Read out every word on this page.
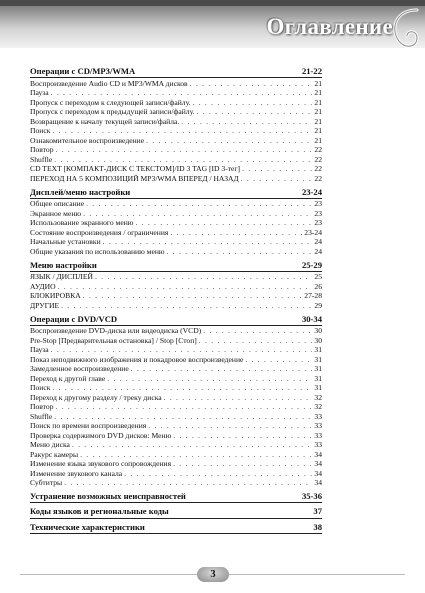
Оглавление
Операции с CD/MP3/WMA	21-22
Воспроизведение Audio CD и MP3/WMA дисков . . .	21
Пауза . . .	21
Пропуск с переходом к следующей записи/файлу. . . .	21
Пропуск с переходом к предыдущей записи/файлу. . . .	21
Возвращение к началу текущей записи/файла. . . .	21
Поиск . . .	21
Ознакомительное воспроизведение . . .	21
Повтор . . .	22
Shuffle . . .	22
CD TEXT [КОМПАКТ-ДИСК С ТЕКСТОМ]/ID 3 TAG [ID 3-тег] . . .	22
ПЕРЕХОД НА 5 КОМПОЗИЦИЙ MP3/WMA ВПЕРЕД / НАЗАД . . .	22
Дисплей/меню настройки	23-24
Общее описание . . .	23
Экранное меню . . .	23
Использование экранного меню . . .	23
Состояние воспроизведения / ограничения . . .	23-24
Начальные установки . . .	24
Общие указания по использованию меню . . .	24
Меню настройки	25-29
ЯЗЫК / ДИСПЛЕЙ . . .	25
АУДИО . . .	26
БЛОКИРОВКА . . .	27-28
ДРУГИЕ . . .	29
Операции с DVD/VCD	30-34
Воспроизведение DVD-диска или видеодиска (VCD) . . .	30
Pre-Stop [Предварительная остановка] / Stop [Стоп] . . .	30
Пауза . . .	31
Показ неподвижного изображения и покадровое воспроизведение . . .	31
Замедленное воспроизведение . . .	31
Переход к другой главе . . .	31
Поиск . . .	31
Переход к другому разделу / треку диска . . .	32
Повтор . . .	32
Shuffle . . .	33
Поиск по времени воспроизведения . . .	33
Проверка содержимого DVD дисков: Меню . . .	33
Меню диска . . .	33
Ракурс камеры . . .	34
Изменение языка звукового сопровождения . . .	34
Изменение звукового канала . . .	34
Субтитры . . .	34
Устранение возможных неисправностей	35-36
Коды языков и региональные коды	37
Технические характеристики	38
3
